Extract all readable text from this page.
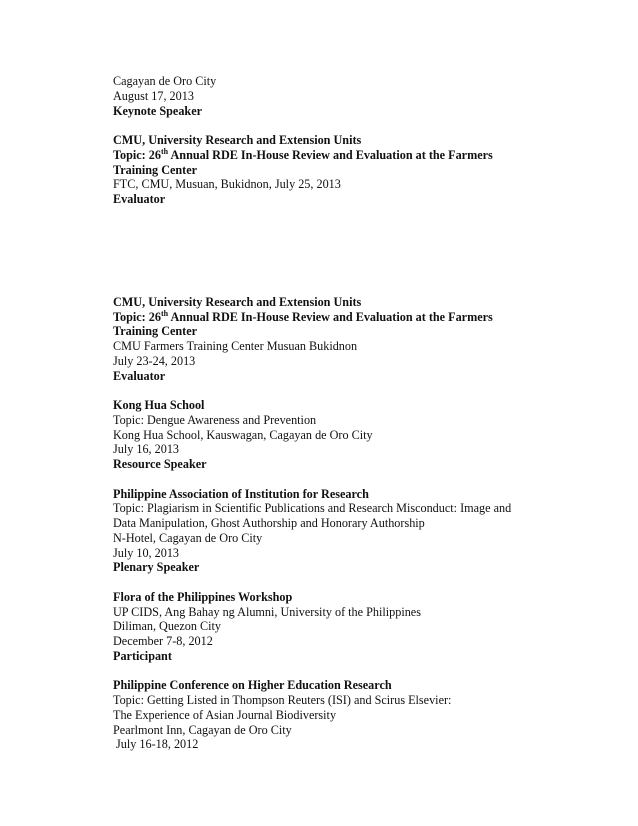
Cagayan de Oro City
August 17, 2013
Keynote Speaker
CMU, University Research and Extension Units
Topic: 26th Annual RDE In-House Review and Evaluation at the Farmers
Training Center
FTC, CMU, Musuan, Bukidnon, July 25, 2013
Evaluator
CMU, University Research and Extension Units
Topic: 26th Annual RDE In-House Review and Evaluation at the Farmers
Training Center
CMU Farmers Training Center Musuan Bukidnon
July 23-24, 2013
Evaluator
Kong Hua School
Topic: Dengue Awareness and Prevention
Kong Hua School, Kauswagan, Cagayan de Oro City
July 16, 2013
Resource Speaker
Philippine Association of Institution for Research
Topic: Plagiarism in Scientific Publications and Research Misconduct: Image and
Data Manipulation, Ghost Authorship and Honorary Authorship
N-Hotel, Cagayan de Oro City
July 10, 2013
Plenary Speaker
Flora of the Philippines Workshop
UP CIDS, Ang Bahay ng Alumni, University of the Philippines
Diliman, Quezon City
December 7-8, 2012
Participant
Philippine Conference on Higher Education Research
Topic: Getting Listed in Thompson Reuters (ISI) and Scirus Elsevier:
The Experience of Asian Journal Biodiversity
Pearlmont Inn, Cagayan de Oro City
July 16-18, 2012
